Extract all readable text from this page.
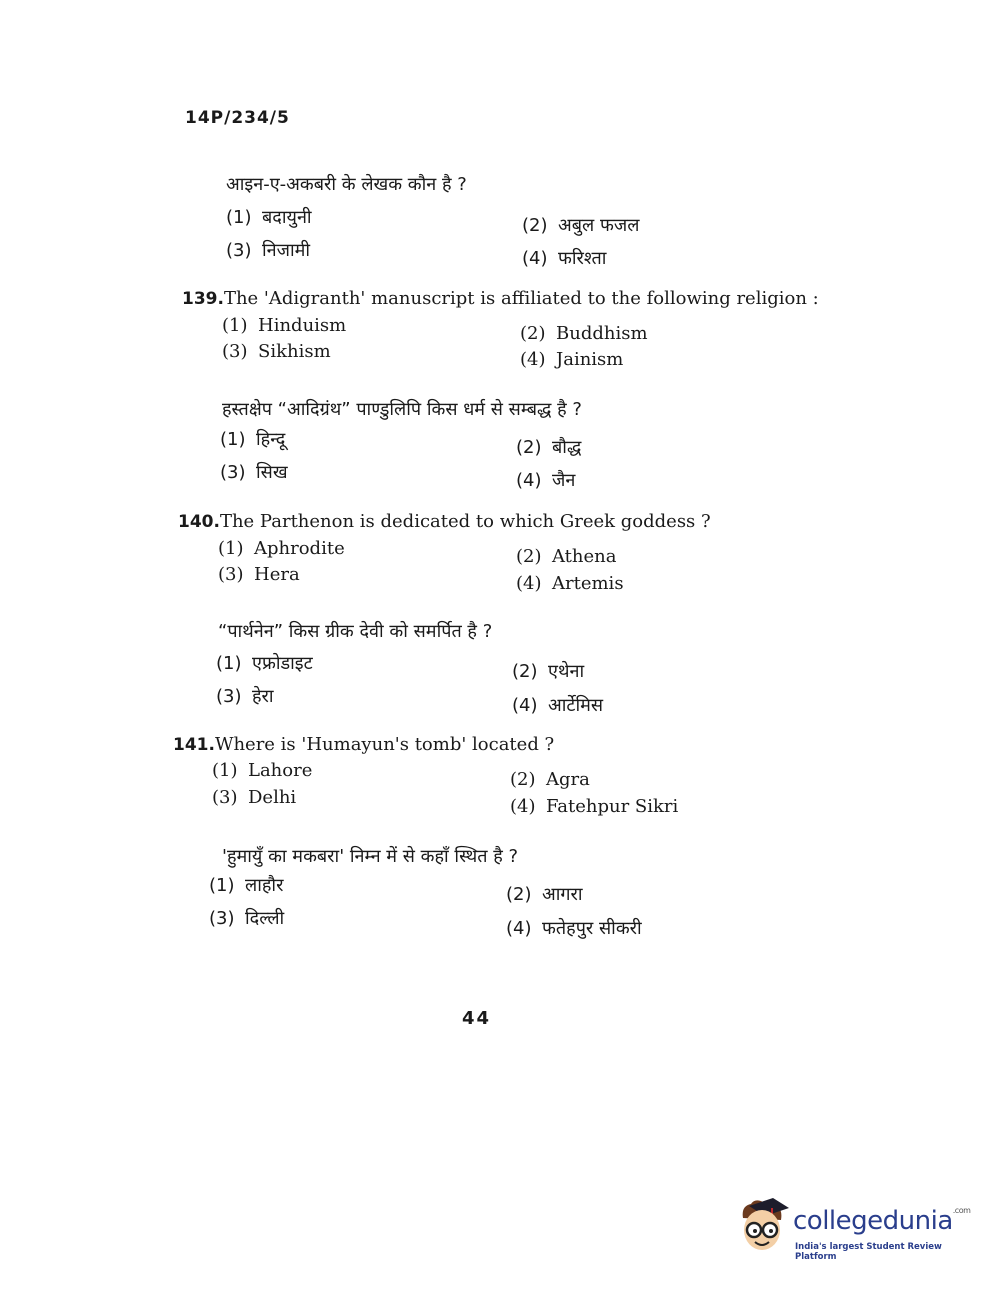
14P/234/5
आइन-ए-अकबरी के लेखक कौन है ?
(1) बदायुनी	(2) अबुल फजल
(3) निजामी	(4) फरिश्ता
139.The 'Adigranth' manuscript is affiliated to the following religion :
(1) Hinduism	(2) Buddhism
(3) Sikhism	(4) Jainism
हस्तक्षेप “आदिग्रंथ” पाण्डुलिपि किस धर्म से सम्बद्ध है ?
(1) हिन्दू	(2) बौद्ध
(3) सिख	(4) जैन
140.The Parthenon is dedicated to which Greek goddess ?
(1) Aphrodite	(2) Athena
(3) Hera	(4) Artemis
“पार्थनेन” किस ग्रीक देवी को समर्पित है ?
(1) एफ्रोडाइट	(2) एथेना
(3) हेरा	(4) आर्टेमिस
141.Where is 'Humayun's tomb' located ?
(1) Lahore	(2) Agra
(3) Delhi	(4) Fatehpur Sikri
'हुमायुँ का मकबरा' निम्न में से कहाँ स्थित है ?
(1) लाहौर	(2) आगरा
(3) दिल्ली	(4) फतेहपुर सीकरी
44
collegedunia$^{.com}$
India's largest Student Review Platform
